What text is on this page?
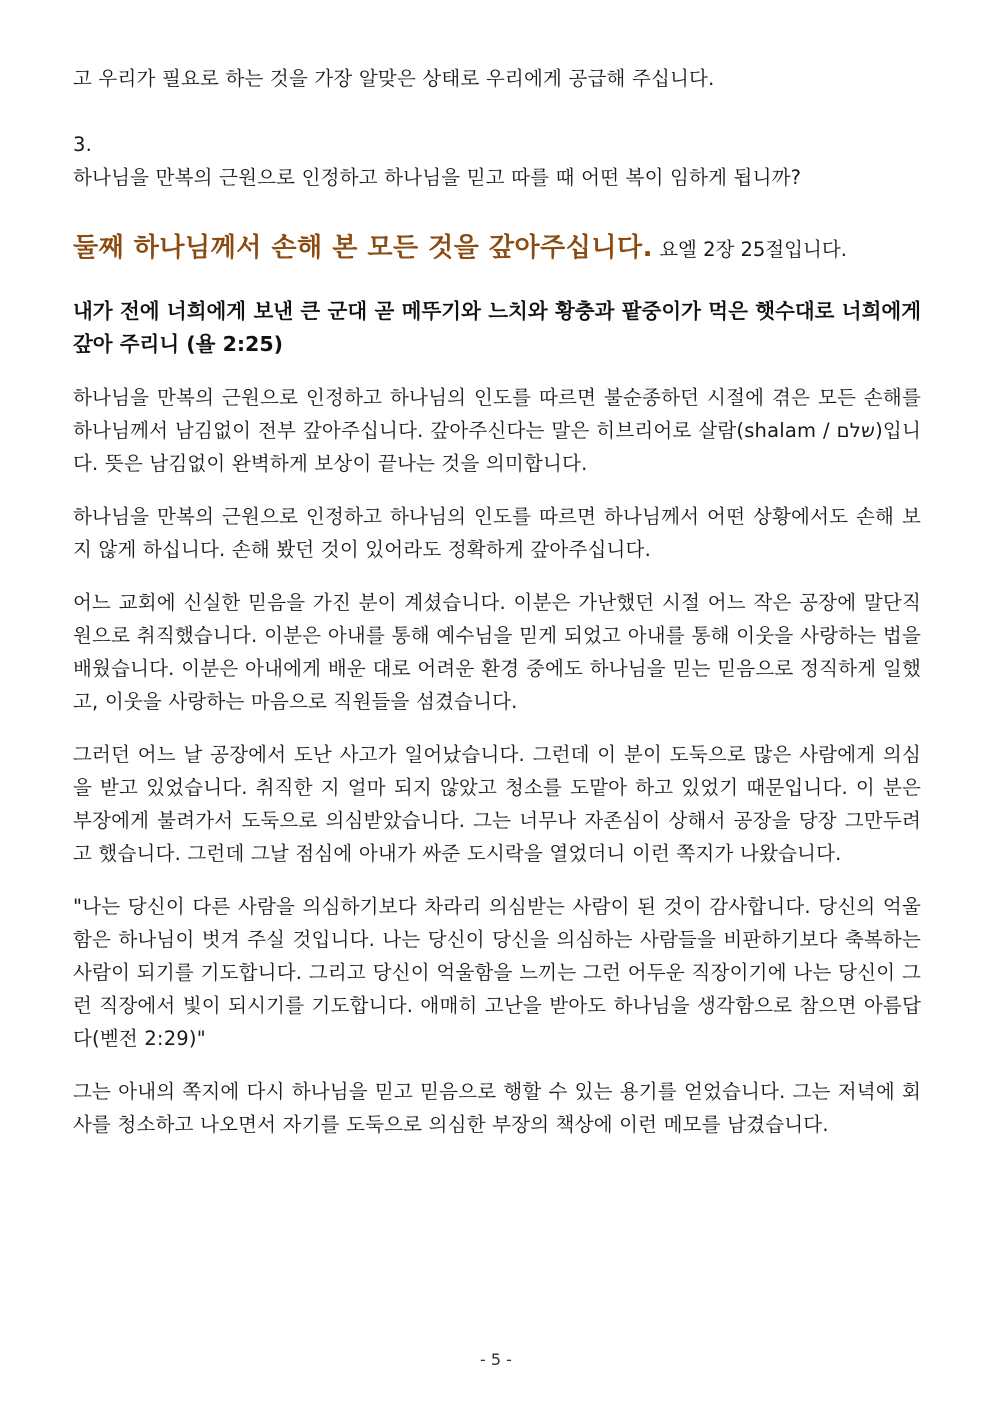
고 우리가 필요로 하는 것을 가장 알맞은 상태로 우리에게 공급해 주십니다.

3.

하나님을 만복의 근원으로 인정하고 하나님을 믿고 따를 때 어떤 복이 임하게 됩니까?

둘째 하나님께서 손해 본 모든 것을 갚아주십니다. 요엘 2장 25절입니다.

내가 전에 너희에게 보낸 큰 군대 곧 메뚜기와 느치와 황충과 팥중이가 먹은 햇수대로 너희에게 갚아 주리니 (욜 2:25)

하나님을 만복의 근원으로 인정하고 하나님의 인도를 따르면 불순종하던 시절에 겪은 모든 손해를 하나님께서 남김없이 전부 갚아주십니다. 갚아주신다는 말은 히브리어로 살람(shalam / שלם)입니다. 뜻은 남김없이 완벽하게 보상이 끝나는 것을 의미합니다.

하나님을 만복의 근원으로 인정하고 하나님의 인도를 따르면 하나님께서 어떤 상황에서도 손해 보지 않게 하십니다. 손해 봤던 것이 있어라도 정확하게 갚아주십니다.

어느 교회에 신실한 믿음을 가진 분이 계셨습니다. 이분은 가난했던 시절 어느 작은 공장에 말단직원으로 취직했습니다. 이분은 아내를 통해 예수님을 믿게 되었고 아내를 통해 이웃을 사랑하는 법을 배웠습니다. 이분은 아내에게 배운 대로 어려운 환경 중에도 하나님을 믿는 믿음으로 정직하게 일했고, 이웃을 사랑하는 마음으로 직원들을 섬겼습니다.

그러던 어느 날 공장에서 도난 사고가 일어났습니다. 그런데 이 분이 도둑으로 많은 사람에게 의심을 받고 있었습니다. 취직한 지 얼마 되지 않았고 청소를 도맡아 하고 있었기 때문입니다. 이 분은 부장에게 불려가서 도둑으로 의심받았습니다. 그는 너무나 자존심이 상해서 공장을 당장 그만두려고 했습니다. 그런데 그날 점심에 아내가 싸준 도시락을 열었더니 이런 쪽지가 나왔습니다.

"나는 당신이 다른 사람을 의심하기보다 차라리 의심받는 사람이 된 것이 감사합니다. 당신의 억울함은 하나님이 벗겨 주실 것입니다. 나는 당신이 당신을 의심하는 사람들을 비판하기보다 축복하는 사람이 되기를 기도합니다. 그리고 당신이 억울함을 느끼는 그런 어두운 직장이기에 나는 당신이 그런 직장에서 빛이 되시기를 기도합니다. 애매히 고난을 받아도 하나님을 생각함으로 참으면 아름답다(벧전 2:29)"

그는 아내의 쪽지에 다시 하나님을 믿고 믿음으로 행할 수 있는 용기를 얻었습니다. 그는 저녁에 회사를 청소하고 나오면서 자기를 도둑으로 의심한 부장의 책상에 이런 메모를 남겼습니다.

- 5 -
